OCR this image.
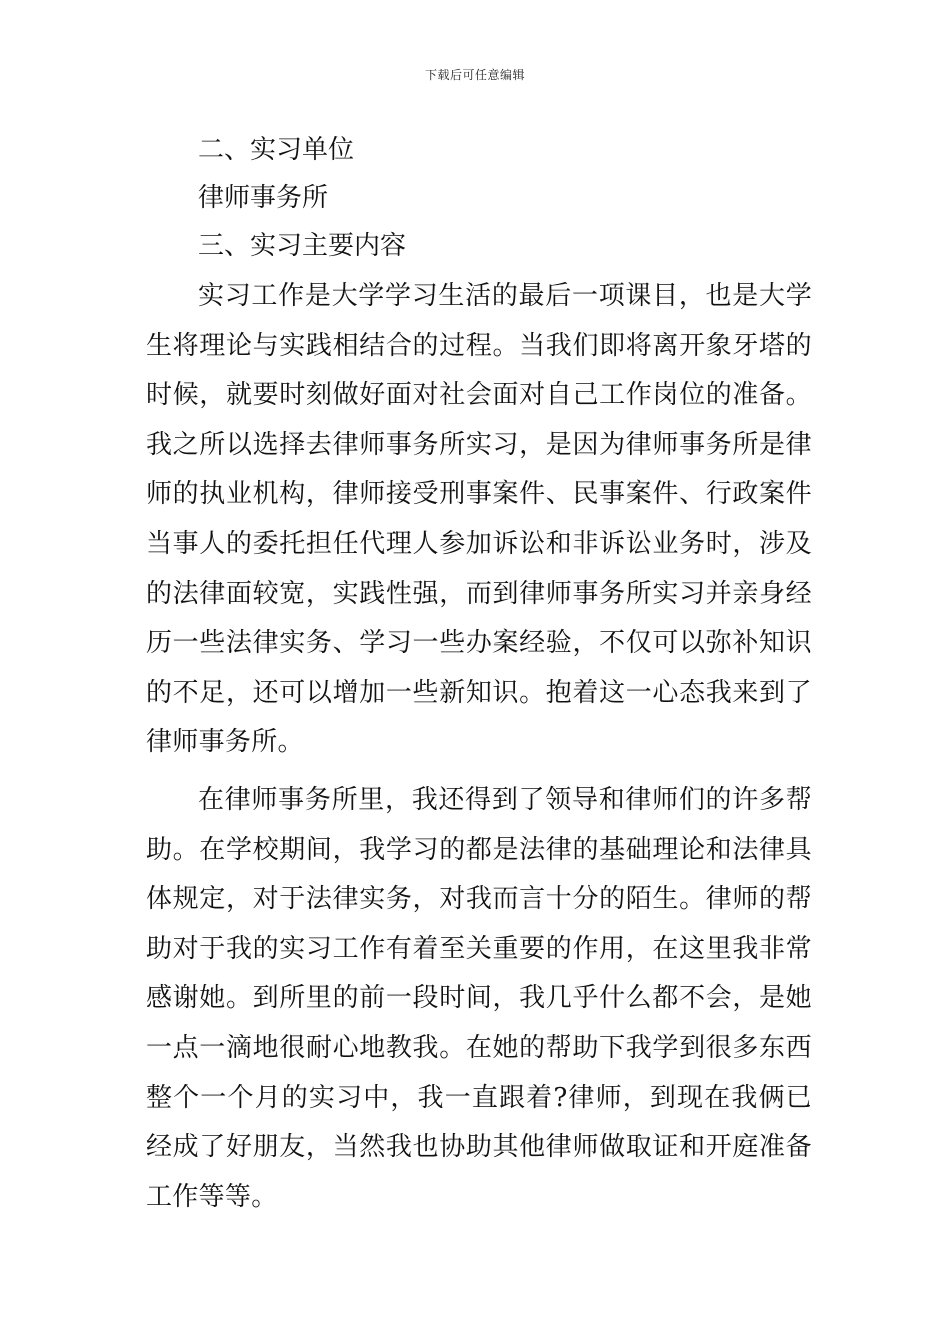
下载后可任意编辑

二、实习单位

律师事务所

三、实习主要内容

实习工作是大学学习生活的最后一项课目，也是大学生将理论与实践相结合的过程。当我们即将离开象牙塔的时候，就要时刻做好面对社会面对自己工作岗位的准备。我之所以选择去律师事务所实习，是因为律师事务所是律师的执业机构，律师接受刑事案件、民事案件、行政案件当事人的委托担任代理人参加诉讼和非诉讼业务时，涉及的法律面较宽，实践性强，而到律师事务所实习并亲身经历一些法律实务、学习一些办案经验，不仅可以弥补知识的不足，还可以增加一些新知识。抱着这一心态我来到了律师事务所。

在律师事务所里，我还得到了领导和律师们的许多帮助。在学校期间，我学习的都是法律的基础理论和法律具体规定，对于法律实务，对我而言十分的陌生。律师的帮助对于我的实习工作有着至关重要的作用，在这里我非常感谢她。到所里的前一段时间，我几乎什么都不会，是她一点一滴地很耐心地教我。在她的帮助下我学到很多东西整个一个月的实习中，我一直跟着?律师，到现在我俩已经成了好朋友，当然我也协助其他律师做取证和开庭准备工作等等。
